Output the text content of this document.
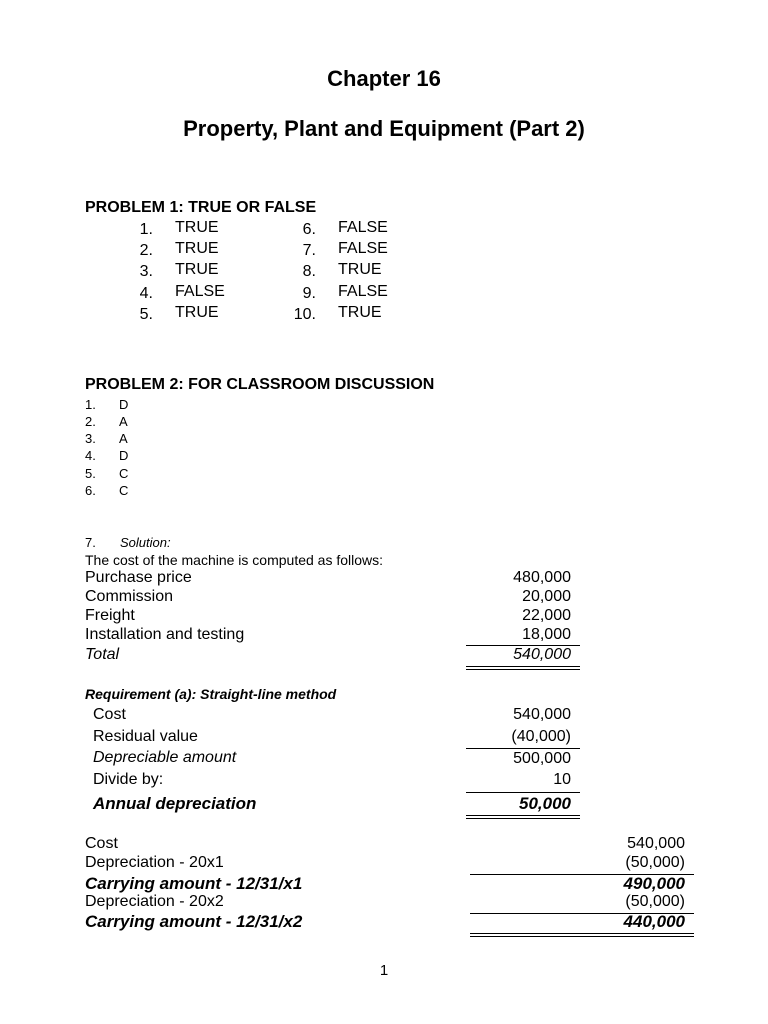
Chapter 16
Property, Plant and Equipment (Part 2)
PROBLEM 1: TRUE OR FALSE
1. TRUE
2. TRUE
3. TRUE
4. FALSE
5. TRUE
6. FALSE
7. FALSE
8. TRUE
9. FALSE
10. TRUE
PROBLEM 2: FOR CLASSROOM DISCUSSION
1. D
2. A
3. A
4. D
5. C
6. C
7. Solution:
The cost of the machine is computed as follows:
Purchase price	480,000
Commission	20,000
Freight	22,000
Installation and testing	18,000
Total	540,000
Requirement (a): Straight-line method
Cost	540,000
Residual value	(40,000)
Depreciable amount	500,000
Divide by:	10
Annual depreciation	50,000
Cost	540,000
Depreciation - 20x1	(50,000)
Carrying amount - 12/31/x1	490,000
Depreciation - 20x2	(50,000)
Carrying amount - 12/31/x2	440,000
1
